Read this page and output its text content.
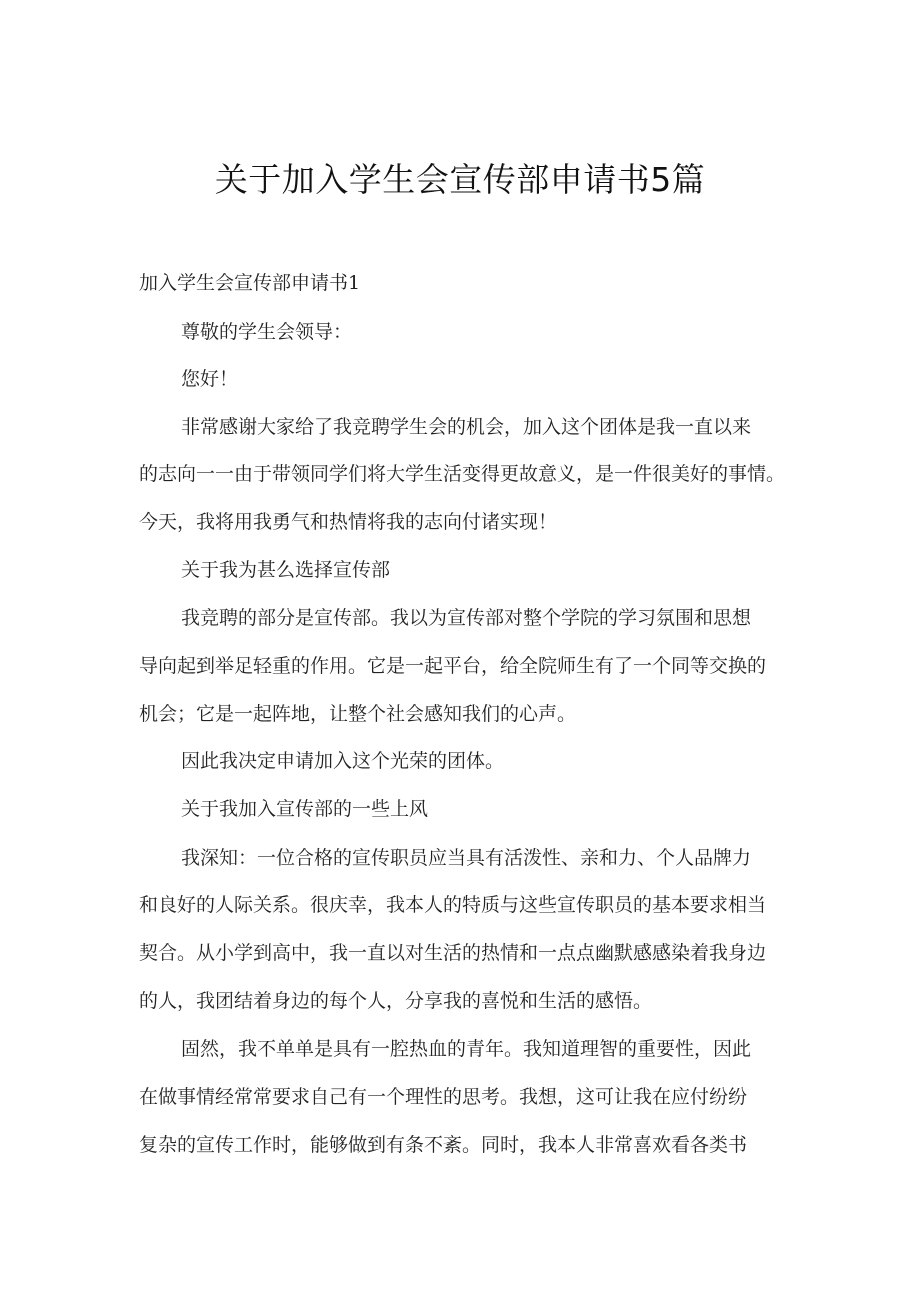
关于加入学生会宣传部申请书5篇
加入学生会宣传部申请书1
尊敬的学生会领导：
您好！
非常感谢大家给了我竞聘学生会的机会，加入这个团体是我一直以来
的志向一一由于带领同学们将大学生活变得更故意义，是一件很美好的事情。
今天，我将用我勇气和热情将我的志向付诸实现！
关于我为甚么选择宣传部
我竞聘的部分是宣传部。我以为宣传部对整个学院的学习氛围和思想
导向起到举足轻重的作用。它是一起平台，给全院师生有了一个同等交换的
机会；它是一起阵地，让整个社会感知我们的心声。
因此我决定申请加入这个光荣的团体。
关于我加入宣传部的一些上风
我深知：一位合格的宣传职员应当具有活泼性、亲和力、个人品牌力
和良好的人际关系。很庆幸，我本人的特质与这些宣传职员的基本要求相当
契合。从小学到高中，我一直以对生活的热情和一点点幽默感感染着我身边
的人，我团结着身边的每个人，分享我的喜悦和生活的感悟。
固然，我不单单是具有一腔热血的青年。我知道理智的重要性，因此
在做事情经常常要求自己有一个理性的思考。我想，这可让我在应付纷纷
复杂的宣传工作时，能够做到有条不紊。同时，我本人非常喜欢看各类书
